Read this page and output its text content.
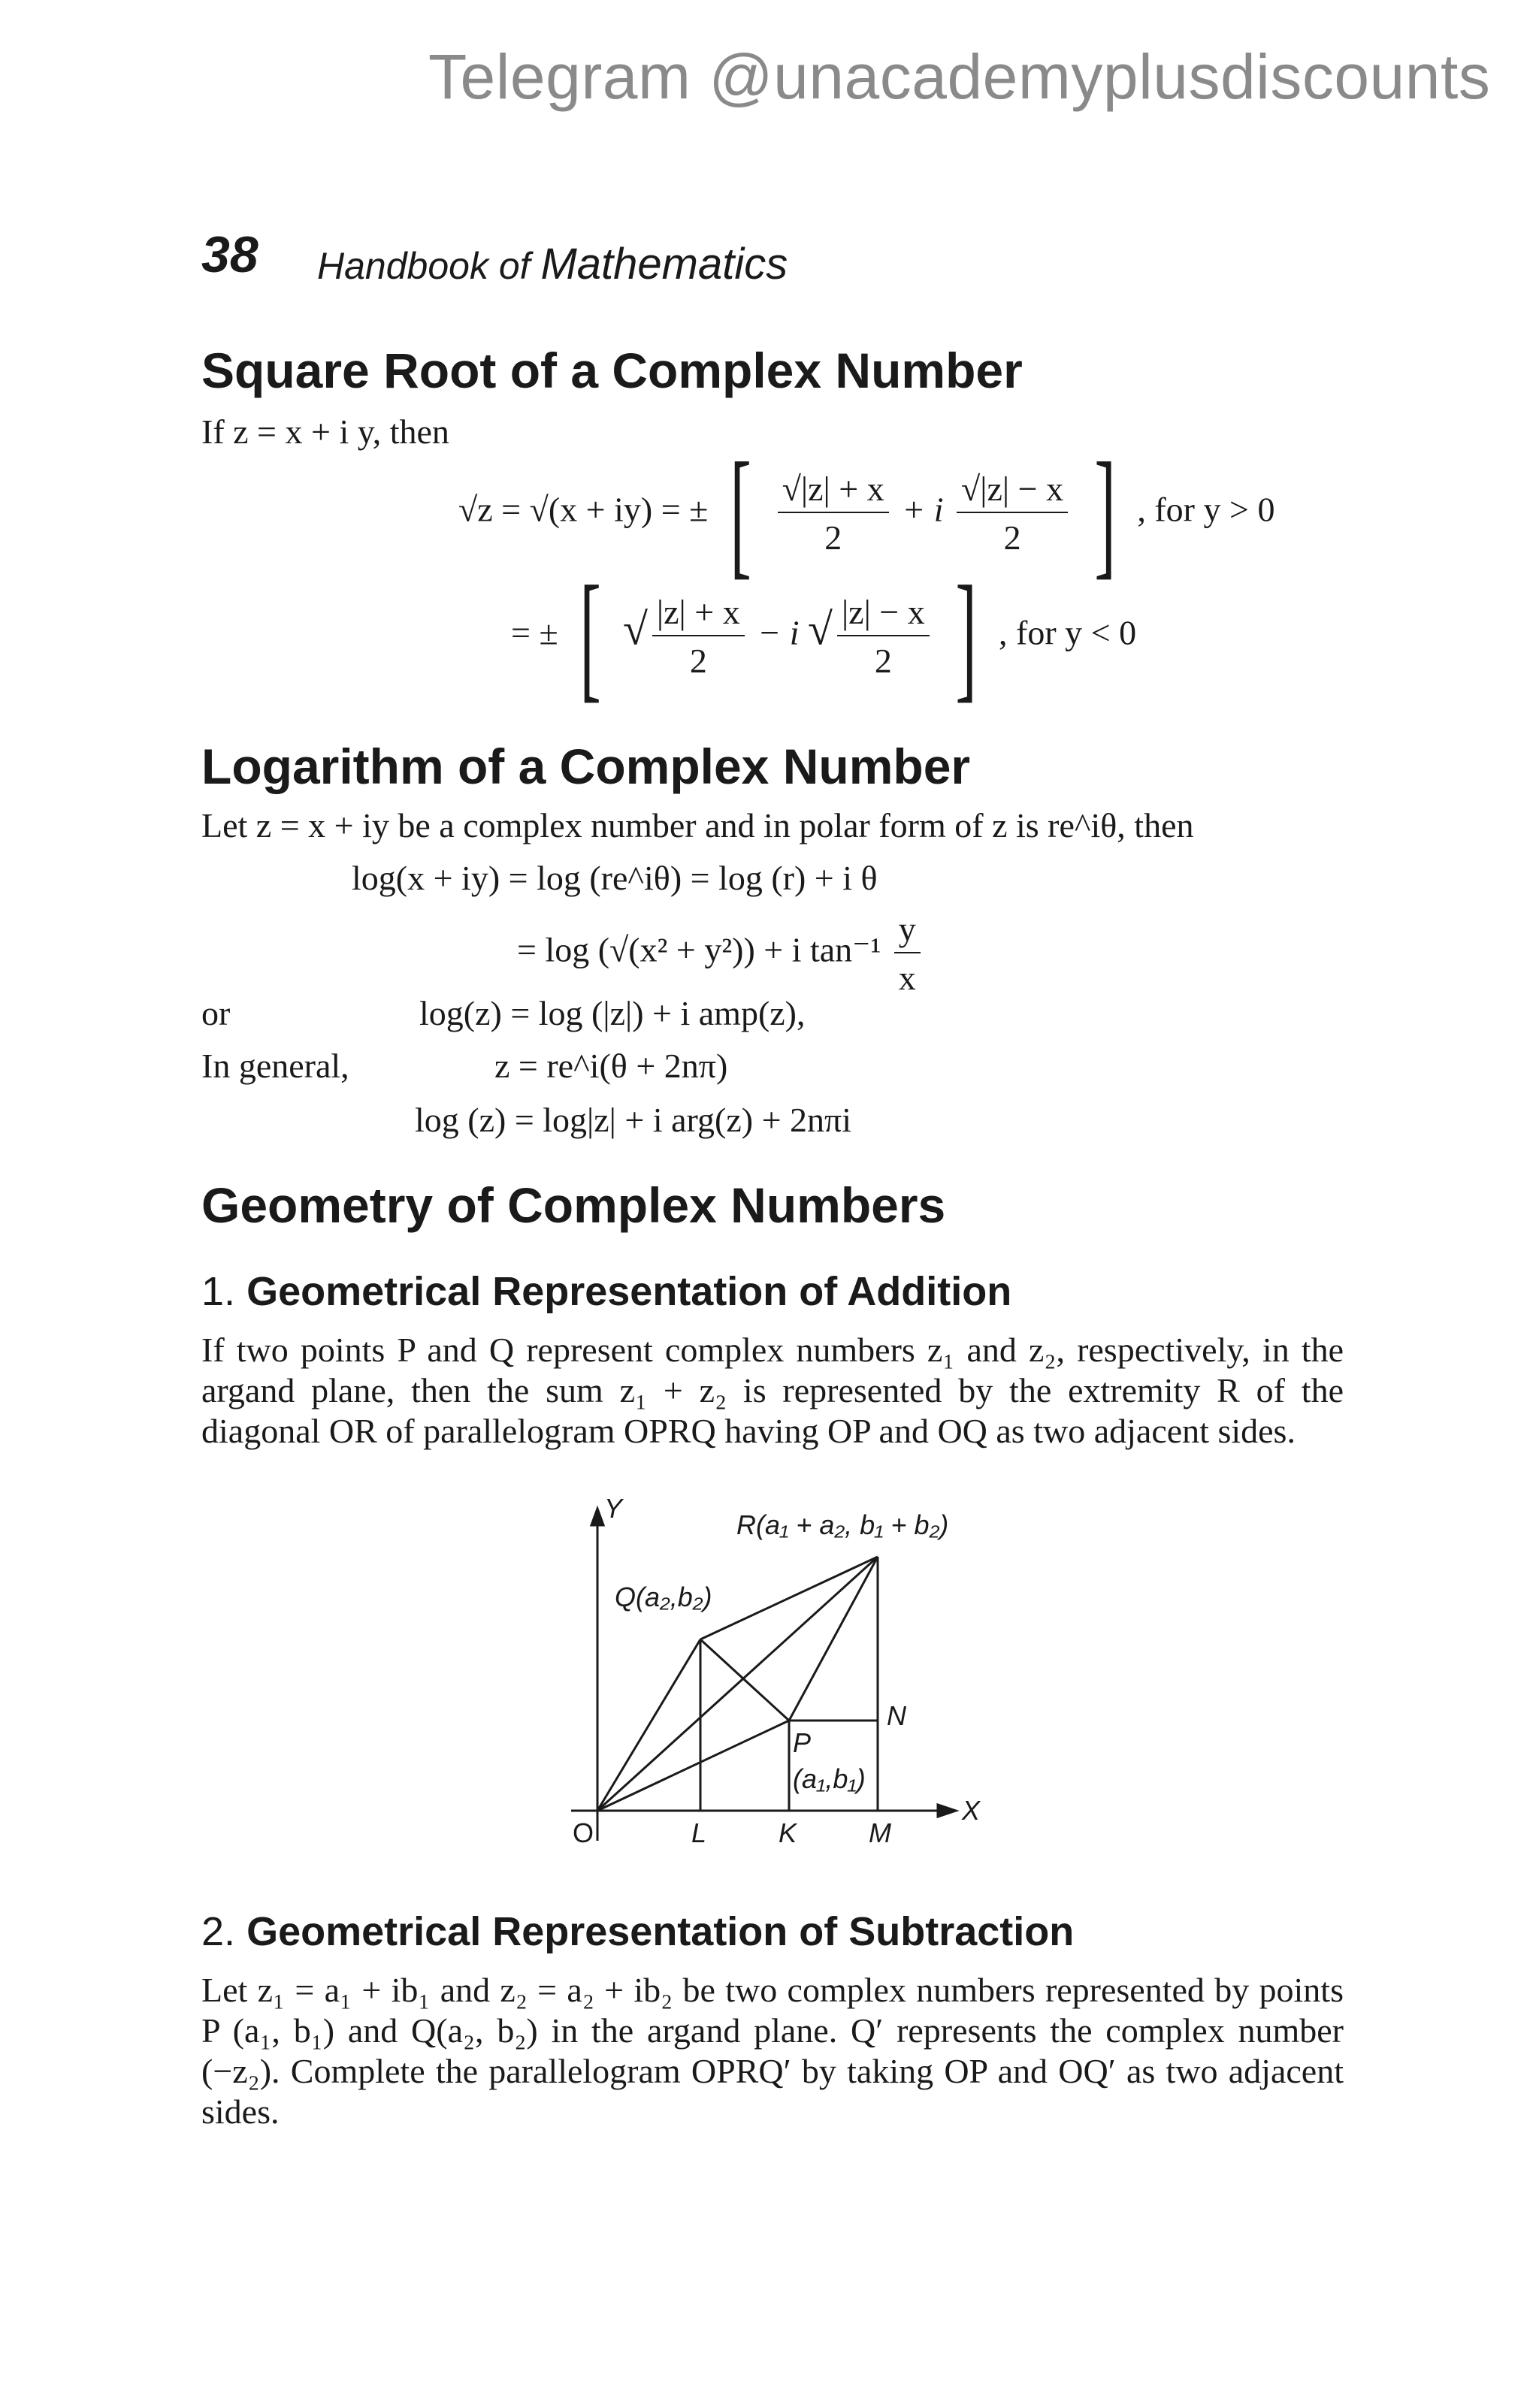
Telegram @unacademyplusdiscounts
38 Handbook of Mathematics
Square Root of a Complex Number
If z = x + i y, then
√z = √(x + iy) = ± [ $\frac{√|z| + x}{2} + i \frac{√|z| - x}{2}$ ] , for y > 0
= ± [ √ $\frac{|z| + x}{2} - i$ √ $\frac{|z| - x}{2}$ ] , for y < 0
Logarithm of a Complex Number
Let z = x + iy be a complex number and in polar form of z is re^iθ, then
log(x + iy) = log (re^iθ) = log (r) + i θ
= log (√(x² + y²)) + i $\tan^{-1} \frac{y}{x}$
or	log(z) = log (|z|) + i amp(z),
In general,	z = re^i(θ + 2nπ)
log (z) = log|z| + i arg(z) + 2nπi
Geometry of Complex Numbers
1. Geometrical Representation of Addition
If two points P and Q represent complex numbers z₁ and z₂, respectively, in the argand plane, then the sum z₁ + z₂ is represented by the extremity R of the diagonal OR of parallelogram OPRQ having OP and OQ as two adjacent sides.
Y
X
O
R(a₁ + a₂, b₁ + b₂)
Q(a₂,b₂)
P
(a₁,b₁)
N
L	K	M
2. Geometrical Representation of Subtraction
Let z₁ = a₁ + ib₁ and z₂ = a₂ + ib₂ be two complex numbers represented by points P (a₁, b₁) and Q(a₂, b₂) in the argand plane. Q′ represents the complex number (−z₂). Complete the parallelogram OPRQ′ by taking OP and OQ′ as two adjacent sides.
